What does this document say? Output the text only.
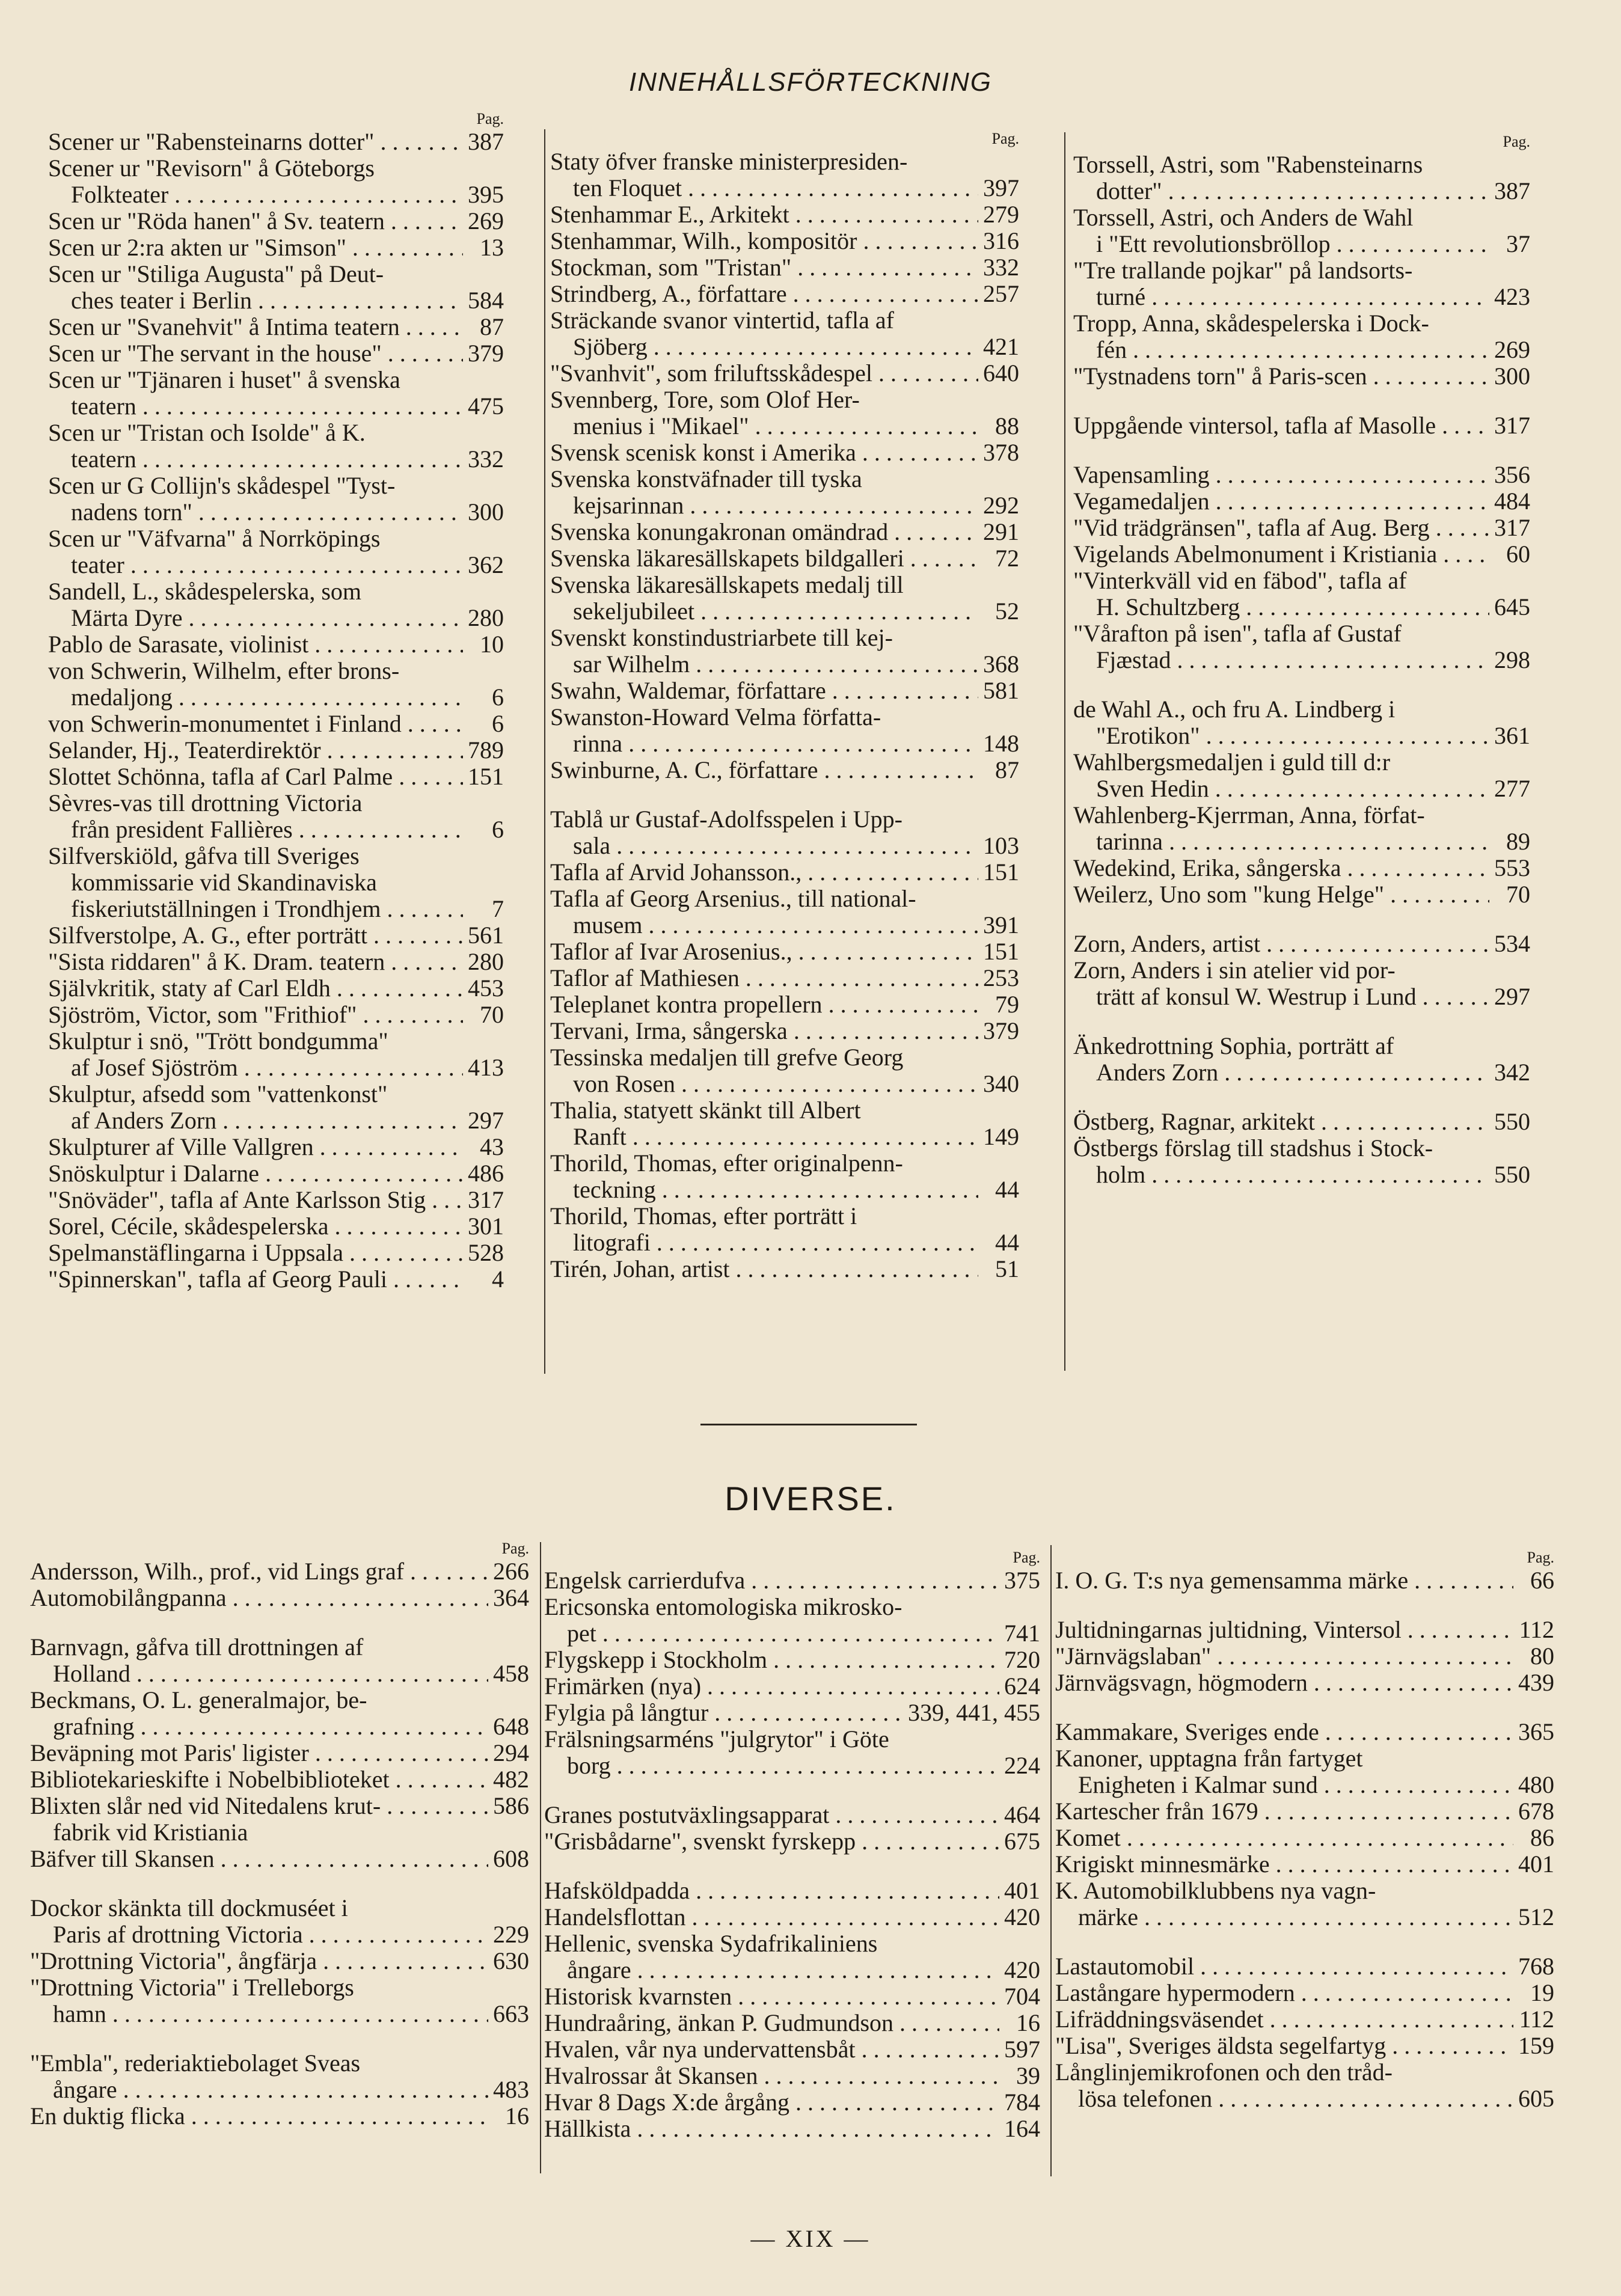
INNEHÅLLSFÖRTECKNING
Pag.
Scener ur "Rabensteinarns dotter" . . .	387
Scener ur "Revisorn" å Göteborgs
Folkteater . . .	395
Scen ur "Röda hanen" å Sv. teatern . . .	269
Scen ur 2:ra akten ur "Simson" . . .	13
Scen ur "Stiliga Augusta" på Deut-
ches teater i Berlin . . .	584
Scen ur "Svanehvit" å Intima teatern . . .	87
Scen ur "The servant in the house" . . .	379
Scen ur "Tjänaren i huset" å svenska
teatern . . .	475
Scen ur "Tristan och Isolde" å K.
teatern . . .	332
Scen ur G Collijn's skådespel "Tyst-
nadens torn" . . .	300
Scen ur "Väfvarna" å Norrköpings
teater . . .	362
Sandell, L., skådespelerska, som
Märta Dyre . . .	280
Pablo de Sarasate, violinist . . .	10
von Schwerin, Wilhelm, efter brons-
medaljong . . .	6
von Schwerin-monumentet i Finland . . .	6
Selander, Hj., Teaterdirektör . . .	789
Slottet Schönna, tafla af Carl Palme . . .	151
Sèvres-vas till drottning Victoria
från president Fallières . . .	6
Silfverskiöld, gåfva till Sveriges
kommissarie vid Skandinaviska
fiskeriutställningen i Trondhjem . . .	7
Silfverstolpe, A. G., efter porträtt . . .	561
"Sista riddaren" å K. Dram. teatern . . .	280
Självkritik, staty af Carl Eldh . . .	453
Sjöström, Victor, som "Frithiof" . . .	70
Skulptur i snö, "Trött bondgumma"
af Josef Sjöström . . .	413
Skulptur, afsedd som "vattenkonst"
af Anders Zorn . . .	297
Skulpturer af Ville Vallgren . . .	43
Snöskulptur i Dalarne . . .	486
"Snöväder", tafla af Ante Karlsson Stig . . .	317
Sorel, Cécile, skådespelerska . . .	301
Spelmanstäflingarna i Uppsala . . .	528
"Spinnerskan", tafla af Georg Pauli . . .	4
Pag.
Staty öfver franske ministerpresiden-
ten Floquet . . .	397
Stenhammar E., Arkitekt . . .	279
Stenhammar, Wilh., kompositör . . .	316
Stockman, som "Tristan" . . .	332
Strindberg, A., författare . . .	257
Sträckande svanor vintertid, tafla af
Sjöberg . . .	421
"Svanhvit", som friluftsskådespel . . .	640
Svennberg, Tore, som Olof Her-
menius i "Mikael" . . .	88
Svensk scenisk konst i Amerika . . .	378
Svenska konstväfnader till tyska
kejsarinnan . . .	292
Svenska konungakronan omändrad . . .	291
Svenska läkaresällskapets bildgalleri . . .	72
Svenska läkaresällskapets medalj till
sekeljubileet . . .	52
Svenskt konstindustriarbete till kej-
sar Wilhelm . . .	368
Swahn, Waldemar, författare . . .	581
Swanston-Howard Velma författa-
rinna . . .	148
Swinburne, A. C., författare . . .	87
Tablå ur Gustaf-Adolfsspelen i Upp-
sala . . .	103
Tafla af Arvid Johansson., . . .	151
Tafla af Georg Arsenius., till national-
musem . . .	391
Taflor af Ivar Arosenius., . . .	151
Taflor af Mathiesen . . .	253
Teleplanet kontra propellern . . .	79
Tervani, Irma, sångerska . . .	379
Tessinska medaljen till grefve Georg
von Rosen . . .	340
Thalia, statyett skänkt till Albert
Ranft . . .	149
Thorild, Thomas, efter originalpenn-
teckning . . .	44
Thorild, Thomas, efter porträtt i
litografi . . .	44
Tirén, Johan, artist . . .	51
Pag.
Torssell, Astri, som "Rabensteinarns
dotter" . . .	387
Torssell, Astri, och Anders de Wahl
i "Ett revolutionsbröllop . . .	37
"Tre trallande pojkar" på landsorts-
turné . . .	423
Tropp, Anna, skådespelerska i Dock-
fén . . .	269
"Tystnadens torn" å Paris-scen . . .	300
Uppgående vintersol, tafla af Masolle . . .	317
Vapensamling . . .	356
Vegamedaljen . . .	484
"Vid trädgränsen", tafla af Aug. Berg . . .	317
Vigelands Abelmonument i Kristiania . . .	60
"Vinterkväll vid en fäbod", tafla af
H. Schultzberg . . .	645
"Vårafton på isen", tafla af Gustaf
Fjæstad . . .	298
de Wahl A., och fru A. Lindberg i
"Erotikon" . . .	361
Wahlbergsmedaljen i guld till d:r
Sven Hedin . . .	277
Wahlenberg-Kjerrman, Anna, förfat-
tarinna . . .	89
Wedekind, Erika, sångerska . . .	553
Weilerz, Uno som "kung Helge" . . .	70
Zorn, Anders, artist . . .	534
Zorn, Anders i sin atelier vid por-
trätt af konsul W. Westrup i Lund . . .	297
Änkedrottning Sophia, porträtt af
Anders Zorn . . .	342
Östberg, Ragnar, arkitekt . . .	550
Östbergs förslag till stadshus i Stock-
holm . . .	550
DIVERSE.
Pag.
Andersson, Wilh., prof., vid Lings graf . . .	266
Automobilångpanna . . .	364
Barnvagn, gåfva till drottningen af
Holland . . .	458
Beckmans, O. L. generalmajor, be-
grafning . . .	648
Beväpning mot Paris' ligister . . .	294
Bibliotekarieskifte i Nobelbiblioteket . . .	482
Blixten slår ned vid Nitedalens krut- . . .	586
fabrik vid Kristiania
Bäfver till Skansen . . .	608
Dockor skänkta till dockmuséet i
Paris af drottning Victoria . . .	229
"Drottning Victoria", ångfärja . . .	630
"Drottning Victoria" i Trelleborgs
hamn . . .	663
"Embla", rederiaktiebolaget Sveas
ångare . . .	483
En duktig flicka . . .	16
Pag.
Engelsk carrierdufva . . .	375
Ericsonska entomologiska mikrosko-
pet . . .	741
Flygskepp i Stockholm . . .	720
Frimärken (nya) . . .	624
Fylgia på långtur . . .	339, 441, 455
Frälsningsarméns "julgrytor" i Göte
borg . . .	224
Granes postutväxlingsapparat . . .	464
"Grisbådarne", svenskt fyrskepp . . .	675
Hafsköldpadda . . .	401
Handelsflottan . . .	420
Hellenic, svenska Sydafrikaliniens
ångare . . .	420
Historisk kvarnsten . . .	704
Hundraåring, änkan P. Gudmundson . . .	16
Hvalen, vår nya undervattensbåt . . .	597
Hvalrossar åt Skansen . . .	39
Hvar 8 Dags X:de årgång . . .	784
Hällkista . . .	164
Pag.
I. O. G. T:s nya gemensamma märke . . .	66
Jultidningarnas jultidning, Vintersol . . .	112
"Järnvägslaban" . . .	80
Järnvägsvagn, högmodern . . .	439
Kammakare, Sveriges ende . . .	365
Kanoner, upptagna från fartyget
Enigheten i Kalmar sund . . .	480
Kartescher från 1679 . . .	678
Komet . . .	86
Krigiskt minnesmärke . . .	401
K. Automobilklubbens nya vagn-
märke . . .	512
Lastautomobil . . .	768
Lastångare hypermodern . . .	19
Lifräddningsväsendet . . .	112
"Lisa", Sveriges äldsta segelfartyg . . .	159
Långlinjemikrofonen och den tråd-
lösa telefonen . . .	605
— XIX —
